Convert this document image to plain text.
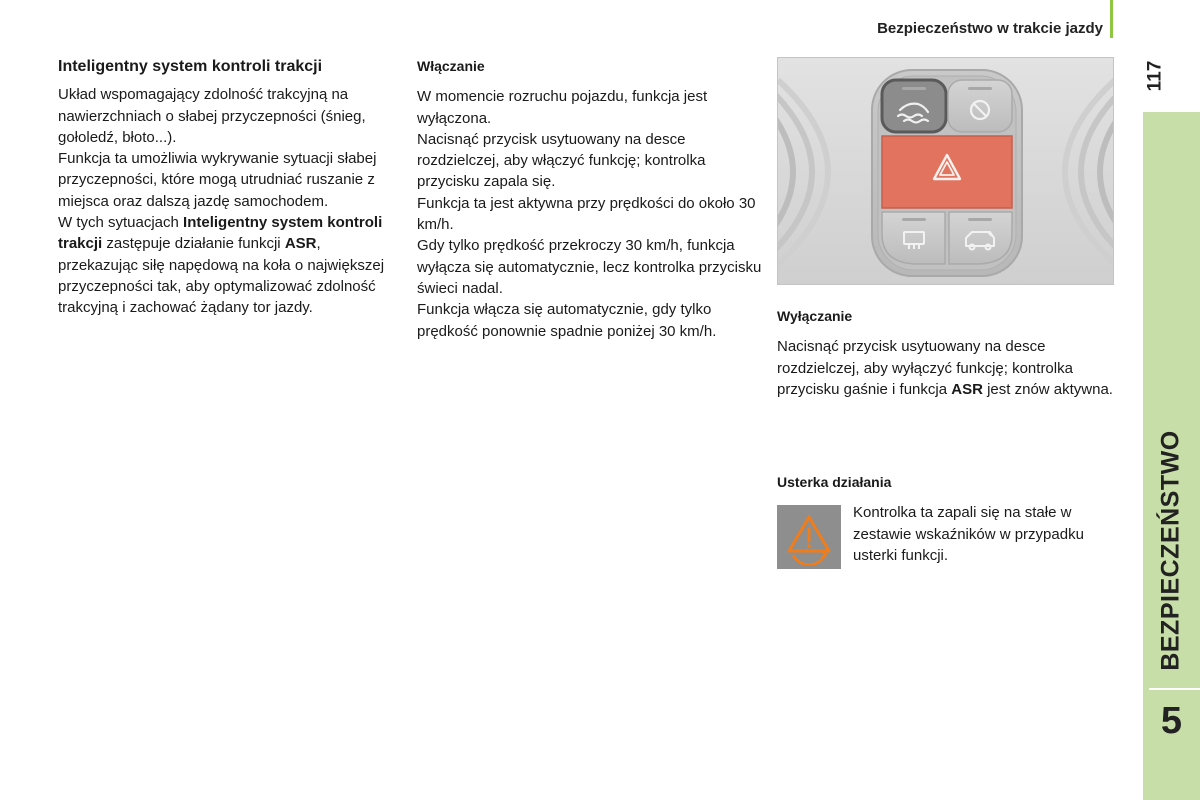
Bezpieczeństwo w trakcie jazdy
117
BEZPIECZEŃSTWO
5
Inteligentny system kontroli trakcji

Układ wspomagający zdolność trakcyjną na nawierzchniach o słabej przyczepności (śnieg, gołoledź, błoto...).

Funkcja ta umożliwia wykrywanie sytuacji słabej przyczepności, które mogą utrudniać ruszanie z miejsca oraz dalszą jazdę samochodem.

W tych sytuacjach Inteligentny system kontroli trakcji zastępuje działanie funkcji ASR, przekazując siłę napędową na koła o największej przyczepności tak, aby optymalizować zdolność trakcyjną i zachować żądany tor jazdy.

Włączanie

W momencie rozruchu pojazdu, funkcja jest wyłączona.

Nacisnąć przycisk usytuowany na desce rozdzielczej, aby włączyć funkcję; kontrolka przycisku zapala się.

Funkcja ta jest aktywna przy prędkości do około 30 km/h.

Gdy tylko prędkość przekroczy 30 km/h, funkcja wyłącza się automatycznie, lecz kontrolka przycisku świeci nadal.

Funkcja włącza się automatycznie, gdy tylko prędkość ponownie spadnie poniżej 30 km/h.

Wyłączanie

Nacisnąć przycisk usytuowany na desce rozdzielczej, aby wyłączyć funkcję; kontrolka przycisku gaśnie i funkcja ASR jest znów aktywna.

Usterka działania

Kontrolka ta zapali się na stałe w zestawie wskaźników w przypadku usterki funkcji.
